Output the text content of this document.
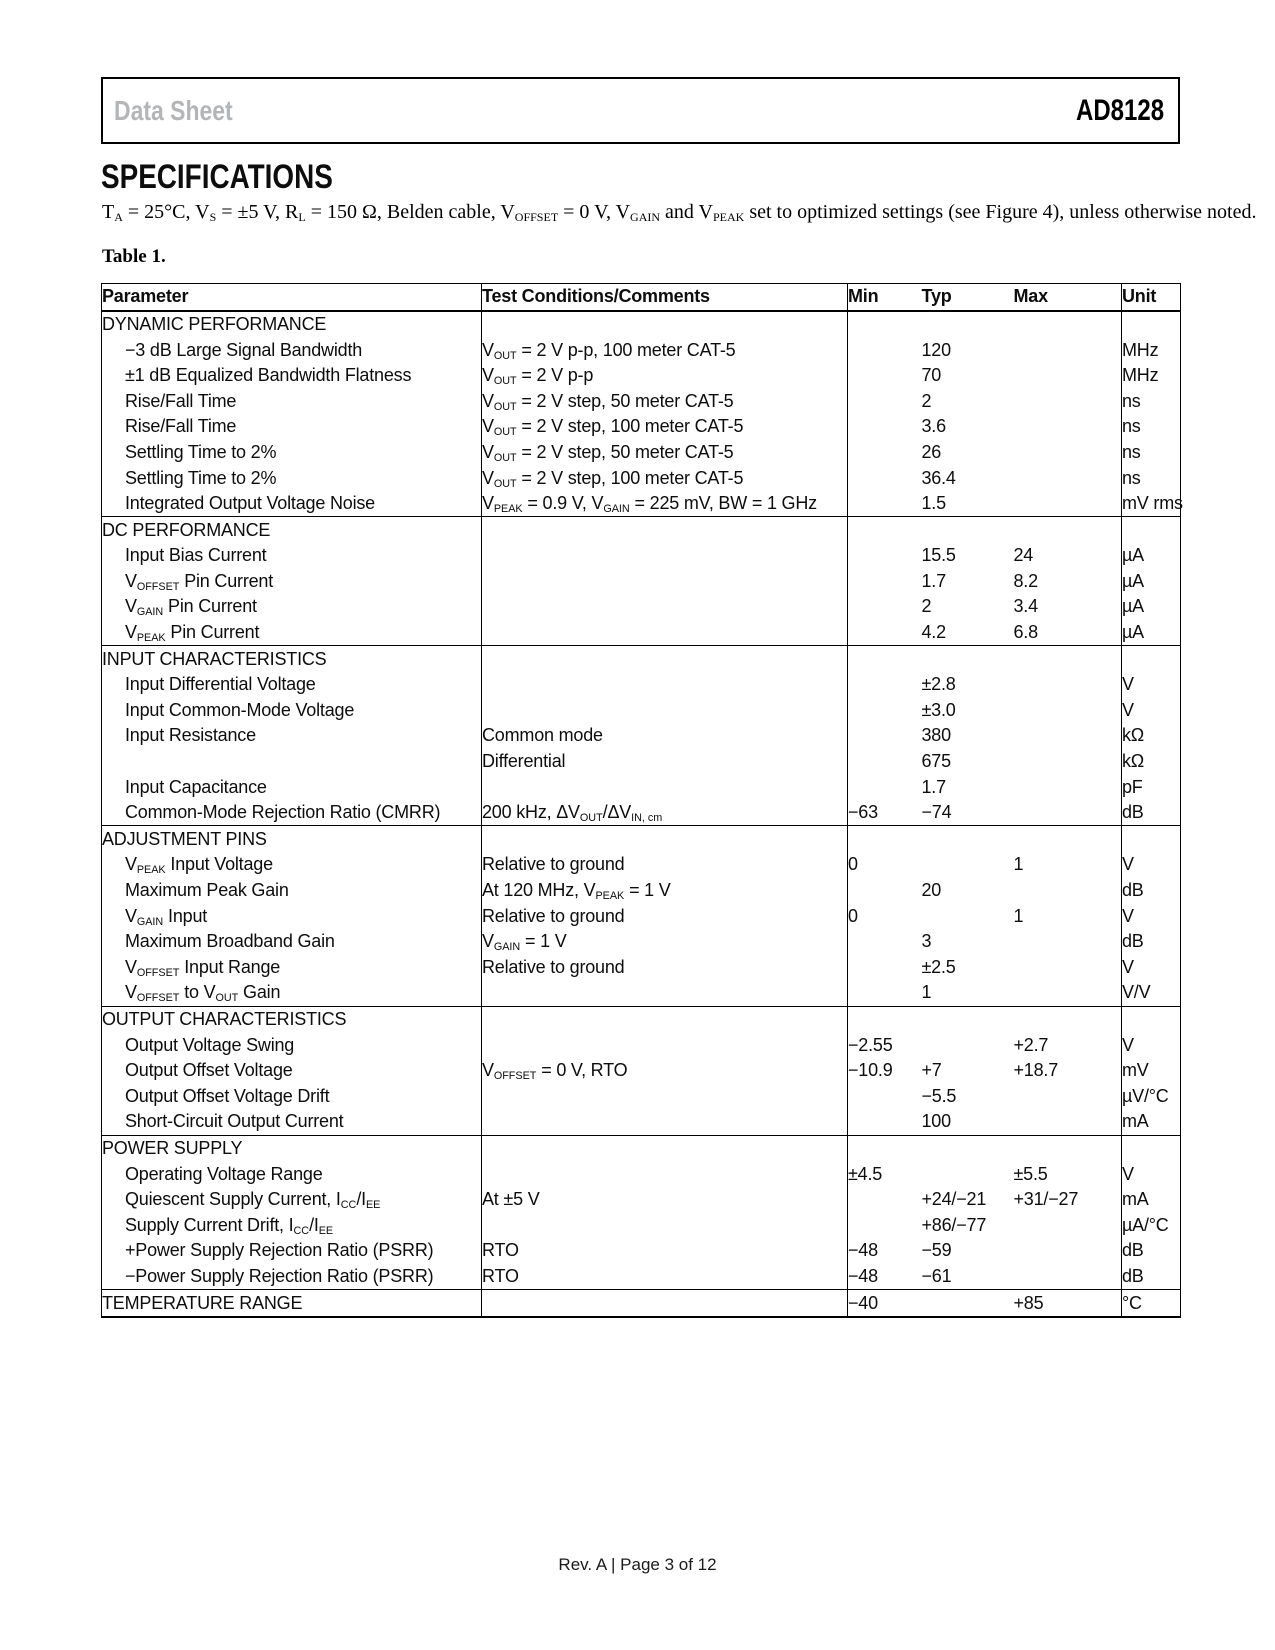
Data Sheet	AD8128
SPECIFICATIONS

$T_A = 25^\circ C$, $V_S = \pm 5$ V, $R_L = 150$ Ω, Belden cable, $V_{OFFSET} = 0$ V, $V_{GAIN}$ and $V_{PEAK}$ set to optimized settings (see Figure 4), unless otherwise noted.

Table 1.
Parameter	Test Conditions/Comments	Min	Typ	Max	Unit
DYNAMIC PERFORMANCE					
−3 dB Large Signal Bandwidth	$V_{OUT} = 2$ V p-p, 100 meter CAT-5		120		MHz
±1 dB Equalized Bandwidth Flatness	$V_{OUT} = 2$ V p-p		70		MHz
Rise/Fall Time	$V_{OUT} = 2$ V step, 50 meter CAT-5		2		ns
Rise/Fall Time	$V_{OUT} = 2$ V step, 100 meter CAT-5		3.6		ns
Settling Time to 2%	$V_{OUT} = 2$ V step, 50 meter CAT-5		26		ns
Settling Time to 2%	$V_{OUT} = 2$ V step, 100 meter CAT-5		36.4		ns
Integrated Output Voltage Noise	$V_{PEAK} = 0.9$ V, $V_{GAIN} = 225$ mV, BW = 1 GHz		1.5		mV rms
DC PERFORMANCE					
Input Bias Current			15.5	24	µA
$V_{OFFSET}$ Pin Current			1.7	8.2	µA
$V_{GAIN}$ Pin Current			2	3.4	µA
$V_{PEAK}$ Pin Current			4.2	6.8	µA
INPUT CHARACTERISTICS					
Input Differential Voltage			±2.8		V
Input Common-Mode Voltage			±3.0		V
Input Resistance	Common mode		380		kΩ
	Differential		675		kΩ
Input Capacitance			1.7		pF
Common-Mode Rejection Ratio (CMRR)	200 kHz, $\Delta V_{OUT}/\Delta V_{IN, cm}$	−63	−74		dB
ADJUSTMENT PINS					
$V_{PEAK}$ Input Voltage	Relative to ground	0		1	V
Maximum Peak Gain	At 120 MHz, $V_{PEAK} = 1$ V		20		dB
$V_{GAIN}$ Input	Relative to ground	0		1	V
Maximum Broadband Gain	$V_{GAIN} = 1$ V		3		dB
$V_{OFFSET}$ Input Range	Relative to ground		±2.5		V
$V_{OFFSET}$ to $V_{OUT}$ Gain			1		V/V
OUTPUT CHARACTERISTICS					
Output Voltage Swing		−2.55		+2.7	V
Output Offset Voltage	$V_{OFFSET} = 0$ V, RTO	−10.9	+7	+18.7	mV
Output Offset Voltage Drift			−5.5		µV/°C
Short-Circuit Output Current			100		mA
POWER SUPPLY					
Operating Voltage Range		±4.5		±5.5	V
Quiescent Supply Current, $I_{CC}/I_{EE}$	At ±5 V		+24/−21	+31/−27	mA
Supply Current Drift, $I_{CC}/I_{EE}$			+86/−77		µA/°C
+Power Supply Rejection Ratio (PSRR)	RTO	−48	−59		dB
−Power Supply Rejection Ratio (PSRR)	RTO	−48	−61		dB
TEMPERATURE RANGE		−40		+85	°C
Rev. A | Page 3 of 12
